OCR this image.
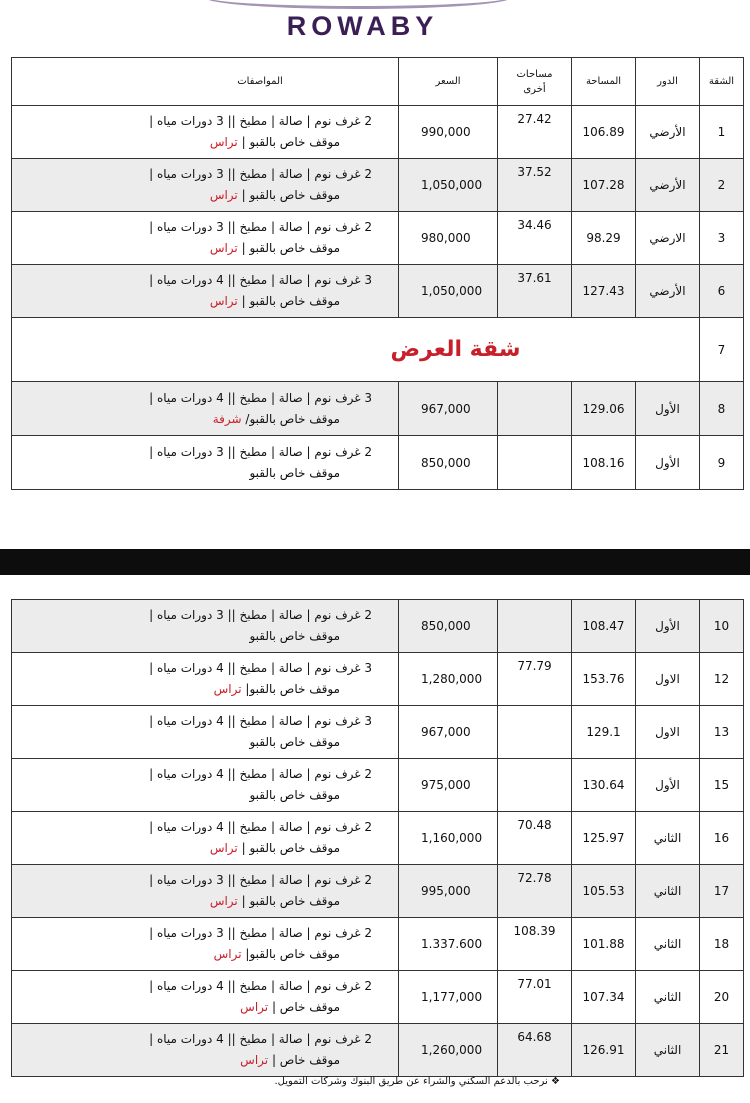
ROWABY
الشقة	الدور	المساحة	مساحات أخرى	السعر	المواصفات
1	الأرضي	106.89	27.42	990,000	2 غرف نوم | صالة | مطبخ || 3 دورات مياه |
موقف خاص بالقبو | تراس

2	الأرضي	107.28	37.52	1,050,000	2 غرف نوم | صالة | مطبخ || 3 دورات مياه |
موقف خاص بالقبو | تراس

3	الارضي	98.29	34.46	980,000	2 غرف نوم | صالة | مطبخ || 3 دورات مياه |
موقف خاص بالقبو | تراس

6	الأرضي	127.43	37.61	1,050,000	3 غرف نوم | صالة | مطبخ || 4 دورات مياه |
موقف خاص بالقبو | تراس

7	شقة العرض				
8	الأول	129.06		967,000	3 غرف نوم | صالة | مطبخ || 4 دورات مياه |
موقف خاص بالقبو/ شرفة

9	الأول	108.16		850,000	2 غرف نوم | صالة | مطبخ || 3 دورات مياه |
موقف خاص بالقبو
10	الأول	108.47		850,000	2 غرف نوم | صالة | مطبخ || 3 دورات مياه |
موقف خاص بالقبو

12	الاول	153.76	77.79	1,280,000	3 غرف نوم | صالة | مطبخ || 4 دورات مياه |
موقف خاص بالقبو| تراس

13	الاول	129.1		967,000	3 غرف نوم | صالة | مطبخ || 4 دورات مياه |
موقف خاص بالقبو

15	الأول	130.64		975,000	2 غرف نوم | صالة | مطبخ || 4 دورات مياه |
موقف خاص بالقبو

16	الثاني	125.97	70.48	1,160,000	2 غرف نوم | صالة | مطبخ || 4 دورات مياه |
موقف خاص بالقبو | تراس

17	الثاني	105.53	72.78	995,000	2 غرف نوم | صالة | مطبخ || 3 دورات مياه |
موقف خاص بالقبو | تراس

18	الثاني	101.88	108.39	1.337.600	2 غرف نوم | صالة | مطبخ || 3 دورات مياه |
موقف خاص بالقبو| تراس

20	الثاني	107.34	77.01	1,177,000	2 غرف نوم | صالة | مطبخ || 4 دورات مياه |
موقف خاص | تراس

21	الثاني	126.91	64.68	1,260,000	2 غرف نوم | صالة | مطبخ || 4 دورات مياه |
موقف خاص | تراس
❖ نرحب بالدعم السكني والشراء عن طريق البنوك وشركات التمويل.
